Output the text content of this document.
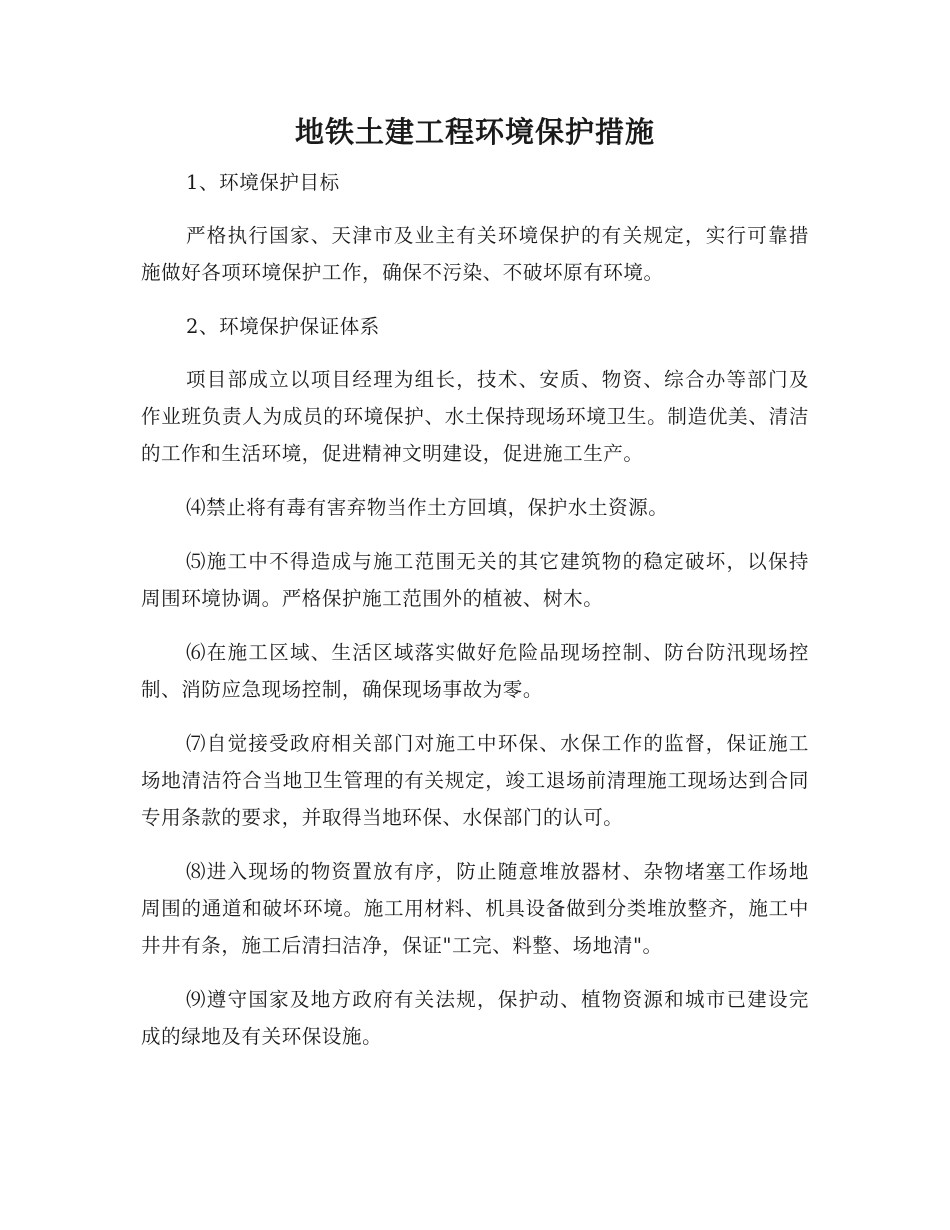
地铁土建工程环境保护措施

1、环境保护目标

严格执行国家、天津市及业主有关环境保护的有关规定，实行可靠措施做好各项环境保护工作，确保不污染、不破坏原有环境。

2、环境保护保证体系

项目部成立以项目经理为组长，技术、安质、物资、综合办等部门及作业班负责人为成员的环境保护、水土保持现场环境卫生。制造优美、清洁的工作和生活环境，促进精神文明建设，促进施工生产。

⑷禁止将有毒有害弃物当作土方回填，保护水土资源。

⑸施工中不得造成与施工范围无关的其它建筑物的稳定破坏，以保持周围环境协调。严格保护施工范围外的植被、树木。

⑹在施工区域、生活区域落实做好危险品现场控制、防台防汛现场控制、消防应急现场控制，确保现场事故为零。

⑺自觉接受政府相关部门对施工中环保、水保工作的监督，保证施工场地清洁符合当地卫生管理的有关规定，竣工退场前清理施工现场达到合同专用条款的要求，并取得当地环保、水保部门的认可。

⑻进入现场的物资置放有序，防止随意堆放器材、杂物堵塞工作场地周围的通道和破坏环境。施工用材料、机具设备做到分类堆放整齐，施工中井井有条，施工后清扫洁净，保证"工完、料整、场地清"。

⑼遵守国家及地方政府有关法规，保护动、植物资源和城市已建设完成的绿地及有关环保设施。
